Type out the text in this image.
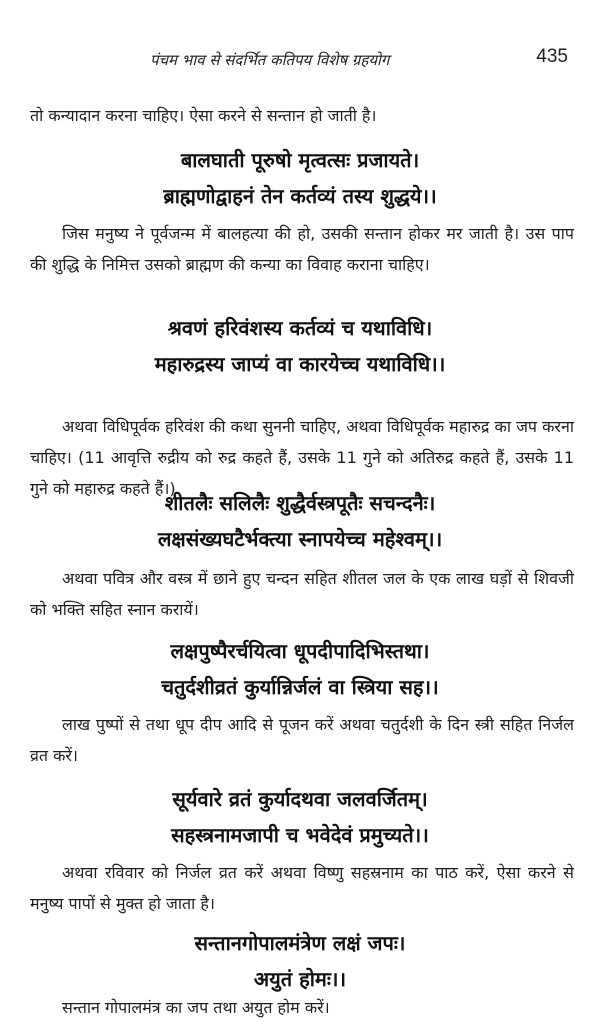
पंचम भाव से संदर्भित कतिपय विशेष ग्रहयोग	435
तो कन्यादान करना चाहिए। ऐसा करने से सन्तान हो जाती है।
बालघाती पूरुषो मृत्वत्सः प्रजायते।
ब्राह्मणोद्वाहनं तेन कर्तव्यं तस्य शुद्धये।।
जिस मनुष्य ने पूर्वजन्म में बालहत्या की हो, उसकी सन्तान होकर मर जाती है। उस पाप की शुद्धि के निमित्त उसको ब्राह्मण की कन्या का विवाह कराना चाहिए।
श्रवणं हरिवंशस्य कर्तव्यं च यथाविधि।
महारुद्रस्य जाप्यं वा कारयेच्च यथाविधि।।
अथवा विधिपूर्वक हरिवंश की कथा सुननी चाहिए, अथवा विधिपूर्वक महारुद्र का जप करना चाहिए। (11 आवृत्ति रुद्रीय को रुद्र कहते हैं, उसके 11 गुने को अतिरुद्र कहते हैं, उसके 11 गुने को महारुद्र कहते हैं।)
शीतलैः सलिलैः शुद्धैर्वस्त्रपूतैः सचन्दनैः।
लक्षसंख्यघटैर्भक्त्या स्नापयेच्च महेश्वम्।।
अथवा पवित्र और वस्त्र में छाने हुए चन्दन सहित शीतल जल के एक लाख घड़ों से शिवजी को भक्ति सहित स्नान करायें।
लक्षपुष्पैरर्चयित्वा धूपदीपादिभिस्तथा।
चतुर्दशीव्रतं कुर्यान्निर्जलं वा स्त्रिया सह।।
लाख पुष्पों से तथा धूप दीप आदि से पूजन करें अथवा चतुर्दशी के दिन स्त्री सहित निर्जल व्रत करें।
सूर्यवारे व्रतं कुर्यादथवा जलवर्जितम्।
सहस्त्रनामजापी च भवेदेवं प्रमुच्यते।।
अथवा रविवार को निर्जल व्रत करें अथवा विष्णु सहस्रनाम का पाठ करें, ऐसा करने से मनुष्य पापों से मुक्त हो जाता है।
सन्तानगोपालमंत्रेण लक्षं जपः।
अयुतं होमः।।
सन्तान गोपालमंत्र का जप तथा अयुत होम करें।
